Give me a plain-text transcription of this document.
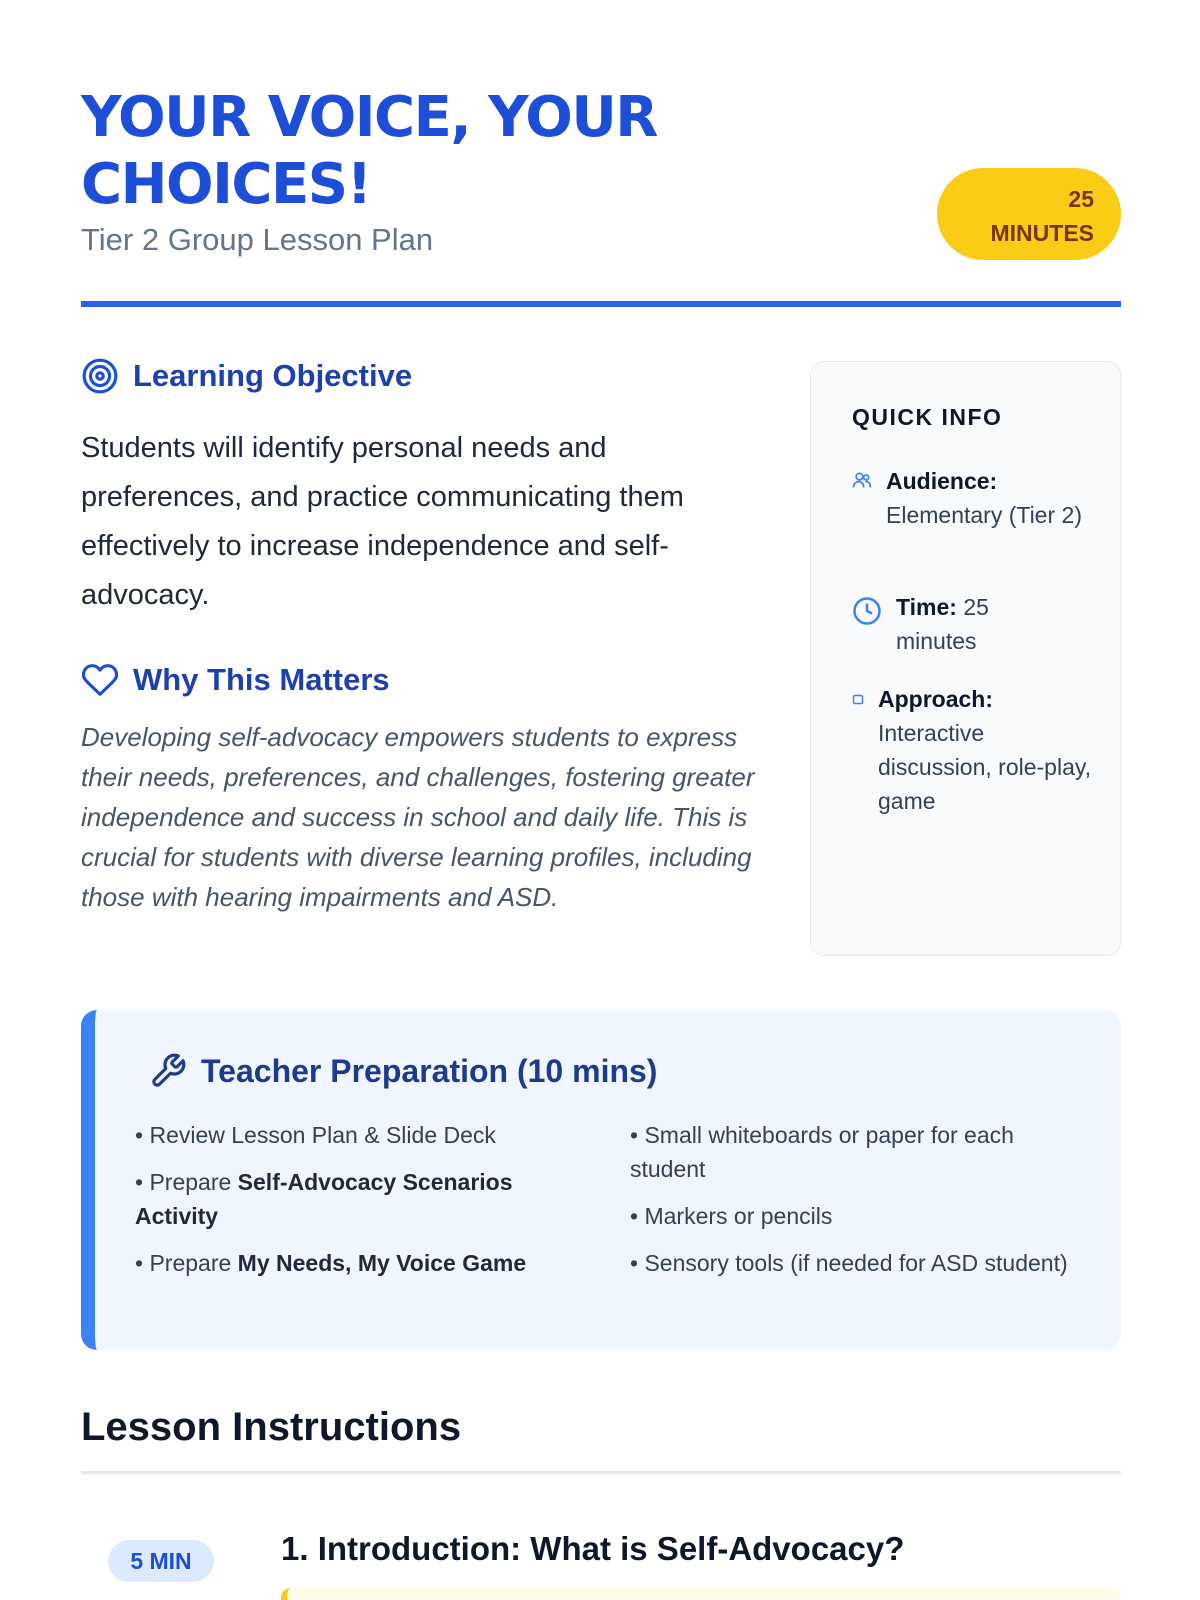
YOUR VOICE, YOUR CHOICES!
Tier 2 Group Lesson Plan
25
MINUTES
Learning Objective
Students will identify personal needs and preferences, and practice communicating them effectively to increase independence and self-advocacy.
Why This Matters
Developing self-advocacy empowers students to express their needs, preferences, and challenges, fostering greater independence and success in school and daily life. This is crucial for students with diverse learning profiles, including those with hearing impairments and ASD.
QUICK INFO
Audience: Elementary (Tier 2)
Time: 25 minutes
Approach: Interactive discussion, role-play, game
Teacher Preparation (10 mins)
• Review Lesson Plan & Slide Deck
• Prepare Self-Advocacy Scenarios Activity
• Prepare My Needs, My Voice Game
• Small whiteboards or paper for each student
• Markers or pencils
• Sensory tools (if needed for ASD student)
Lesson Instructions
5 MIN	1. Introduction: What is Self-Advocacy?
